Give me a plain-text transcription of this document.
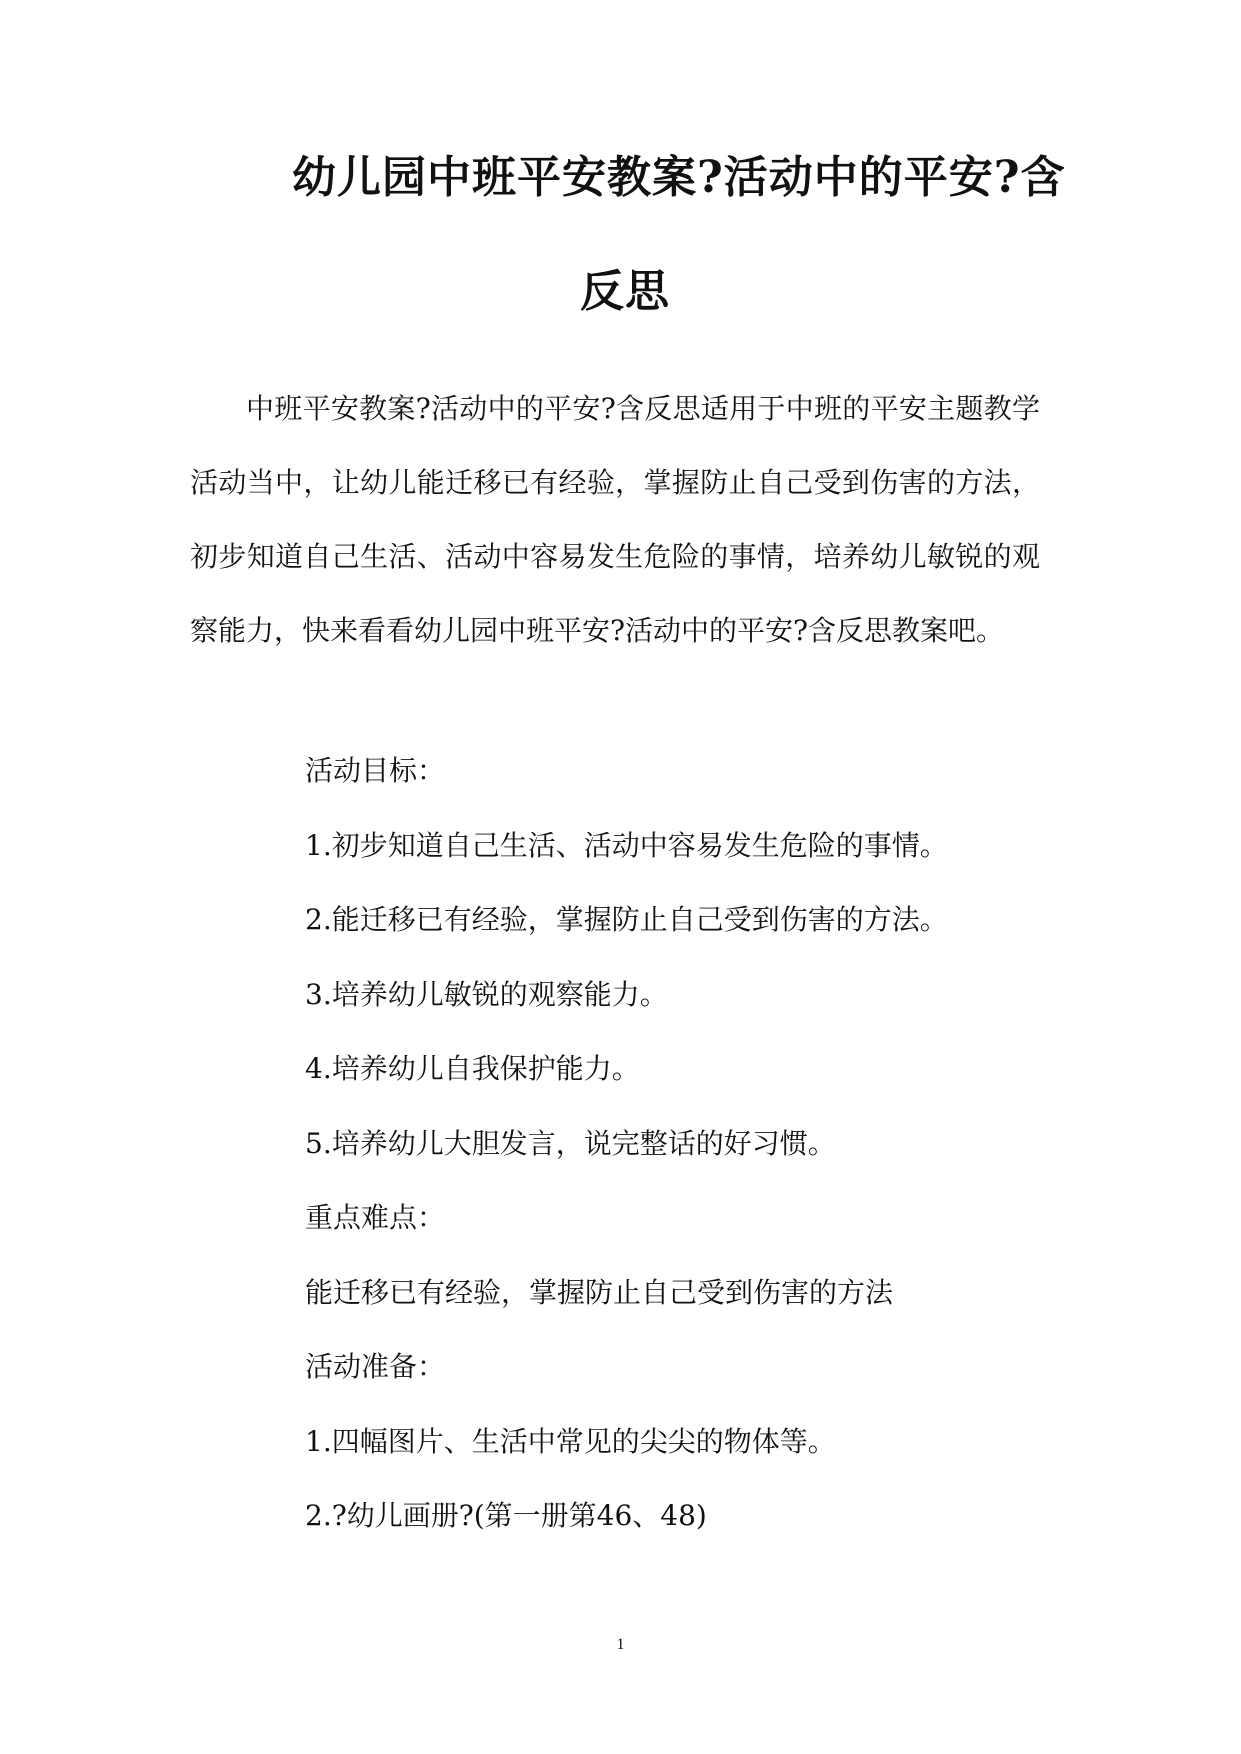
幼儿园中班平安教案?活动中的平安?含
反思

中班平安教案?活动中的平安?含反思适用于中班的平安主题教学活动当中，让幼儿能迁移已有经验，掌握防止自己受到伤害的方法，初步知道自己生活、活动中容易发生危险的事情，培养幼儿敏锐的观察能力，快来看看幼儿园中班平安?活动中的平安?含反思教案吧。

活动目标：

1.初步知道自己生活、活动中容易发生危险的事情。

2.能迁移已有经验，掌握防止自己受到伤害的方法。

3.培养幼儿敏锐的观察能力。

4.培养幼儿自我保护能力。

5.培养幼儿大胆发言，说完整话的好习惯。

重点难点：

能迁移已有经验，掌握防止自己受到伤害的方法

活动准备：

1.四幅图片、生活中常见的尖尖的物体等。

2.?幼儿画册?(第一册第46、48)

1
